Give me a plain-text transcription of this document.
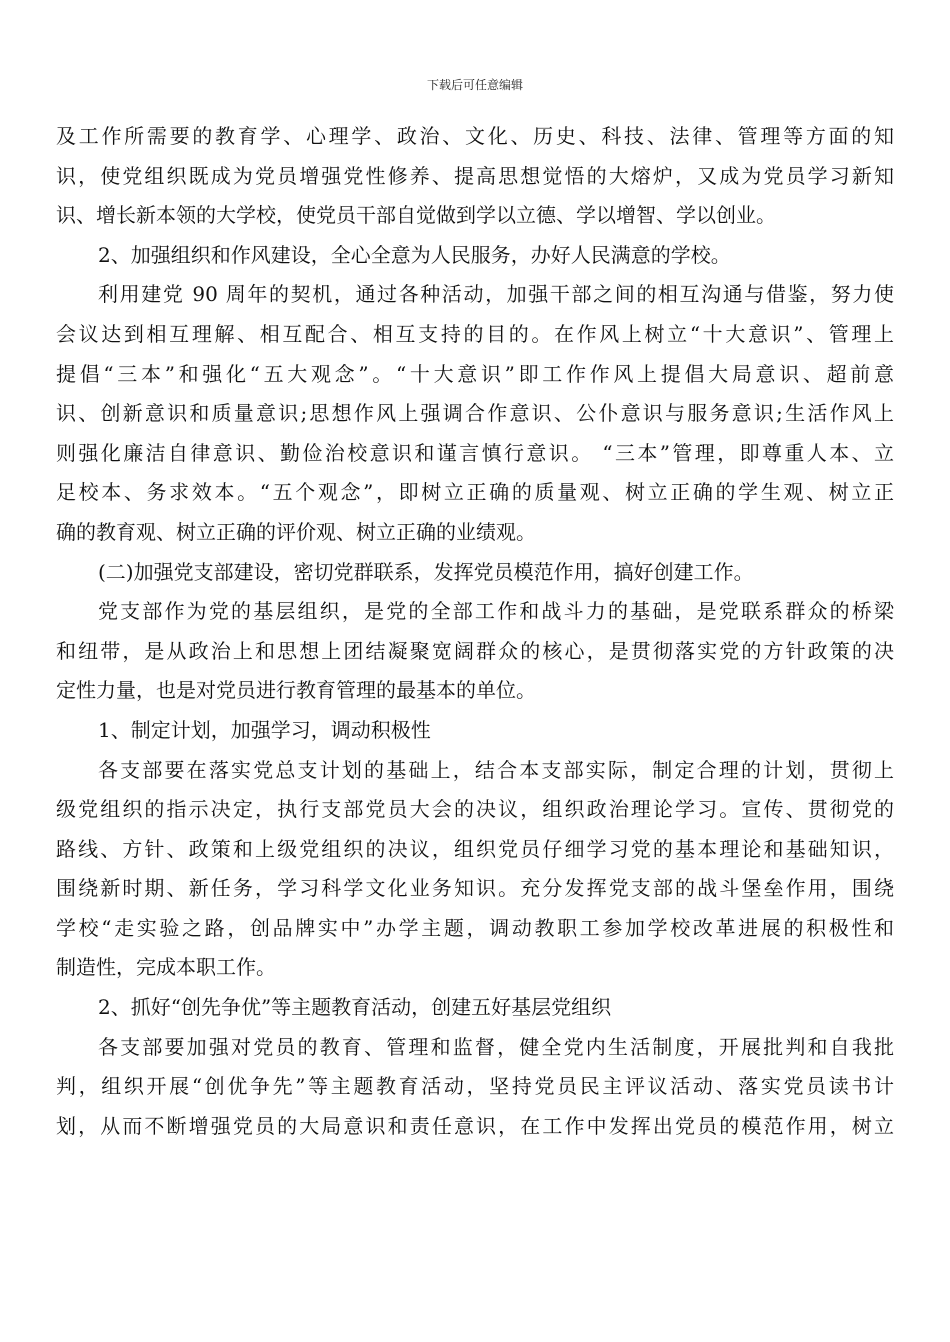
下载后可任意编辑
及工作所需要的教育学、心理学、政治、文化、历史、科技、法律、管理等方面的知
识，使党组织既成为党员增强党性修养、提高思想觉悟的大熔炉，又成为党员学习新知
识、增长新本领的大学校，使党员干部自觉做到学以立德、学以增智、学以创业。
2、加强组织和作风建设，全心全意为人民服务，办好人民满意的学校。
利用建党 90 周年的契机，通过各种活动，加强干部之间的相互沟通与借鉴，努力使
会议达到相互理解、相互配合、相互支持的目的。在作风上树立“十大意识”、管理上
提倡“三本”和强化“五大观念”。“十大意识”即工作作风上提倡大局意识、超前意
识、创新意识和质量意识;思想作风上强调合作意识、公仆意识与服务意识;生活作风上
则强化廉洁自律意识、勤俭治校意识和谨言慎行意识。 “三本”管理，即尊重人本、立
足校本、务求效本。“五个观念”，即树立正确的质量观、树立正确的学生观、树立正
确的教育观、树立正确的评价观、树立正确的业绩观。
(二)加强党支部建设，密切党群联系，发挥党员模范作用，搞好创建工作。
党支部作为党的基层组织，是党的全部工作和战斗力的基础，是党联系群众的桥梁
和纽带，是从政治上和思想上团结凝聚宽阔群众的核心，是贯彻落实党的方针政策的决
定性力量，也是对党员进行教育管理的最基本的单位。
1、制定计划，加强学习，调动积极性
各支部要在落实党总支计划的基础上，结合本支部实际，制定合理的计划，贯彻上
级党组织的指示决定，执行支部党员大会的决议，组织政治理论学习。宣传、贯彻党的
路线、方针、政策和上级党组织的决议，组织党员仔细学习党的基本理论和基础知识，
围绕新时期、新任务，学习科学文化业务知识。充分发挥党支部的战斗堡垒作用，围绕
学校“走实验之路，创品牌实中”办学主题，调动教职工参加学校改革进展的积极性和
制造性，完成本职工作。
2、抓好“创先争优”等主题教育活动，创建五好基层党组织
各支部要加强对党员的教育、管理和监督，健全党内生活制度，开展批判和自我批
判，组织开展“创优争先”等主题教育活动，坚持党员民主评议活动、落实党员读书计
划，从而不断增强党员的大局意识和责任意识，在工作中发挥出党员的模范作用，树立
